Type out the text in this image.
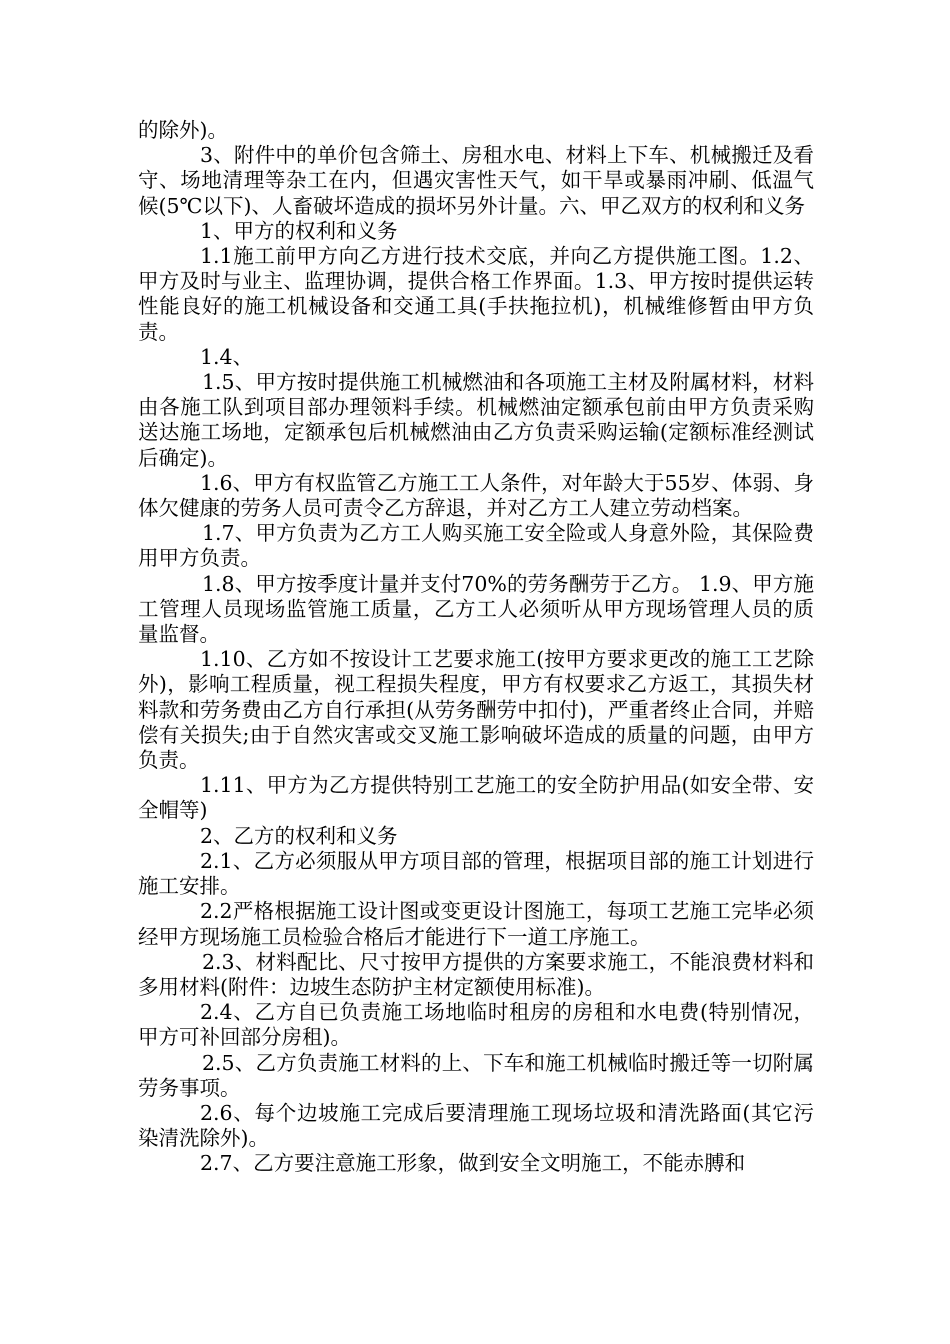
的除外)。

3、附件中的单价包含筛土、房租水电、材料上下车、机械搬迁及看守、场地清理等杂工在内，但遇灾害性天气，如干旱或暴雨冲刷、低温气候(5℃以下)、人畜破坏造成的损坏另外计量。六、甲乙双方的权利和义务

1、甲方的权利和义务

1.1施工前甲方向乙方进行技术交底，并向乙方提供施工图。1.2、甲方及时与业主、监理协调，提供合格工作界面。1.3、甲方按时提供运转性能良好的施工机械设备和交通工具(手扶拖拉机)，机械维修暂由甲方负责。

1.4、

1.5、甲方按时提供施工机械燃油和各项施工主材及附属材料，材料由各施工队到项目部办理领料手续。机械燃油定额承包前由甲方负责采购送达施工场地，定额承包后机械燃油由乙方负责采购运输(定额标准经测试后确定)。

1.6、甲方有权监管乙方施工工人条件，对年龄大于55岁、体弱、身体欠健康的劳务人员可责令乙方辞退，并对乙方工人建立劳动档案。

1.7、甲方负责为乙方工人购买施工安全险或人身意外险，其保险费用甲方负责。

1.8、甲方按季度计量并支付70%的劳务酬劳于乙方。 1.9、甲方施工管理人员现场监管施工质量，乙方工人必须听从甲方现场管理人员的质量监督。

1.10、乙方如不按设计工艺要求施工(按甲方要求更改的施工工艺除外)，影响工程质量，视工程损失程度，甲方有权要求乙方返工，其损失材料款和劳务费由乙方自行承担(从劳务酬劳中扣付)，严重者终止合同，并赔偿有关损失;由于自然灾害或交叉施工影响破坏造成的质量的问题，由甲方负责。

1.11、甲方为乙方提供特别工艺施工的安全防护用品(如安全带、安全帽等)

2、乙方的权利和义务

2.1、乙方必须服从甲方项目部的管理，根据项目部的施工计划进行施工安排。

2.2严格根据施工设计图或变更设计图施工，每项工艺施工完毕必须经甲方现场施工员检验合格后才能进行下一道工序施工。

2.3、材料配比、尺寸按甲方提供的方案要求施工，不能浪费材料和多用材料(附件：边坡生态防护主材定额使用标准)。

2.4、乙方自已负责施工场地临时租房的房租和水电费(特别情况，甲方可补回部分房租)。

2.5、乙方负责施工材料的上、下车和施工机械临时搬迁等一切附属劳务事项。

2.6、每个边坡施工完成后要清理施工现场垃圾和清洗路面(其它污染清洗除外)。

2.7、乙方要注意施工形象，做到安全文明施工，不能赤膊和
